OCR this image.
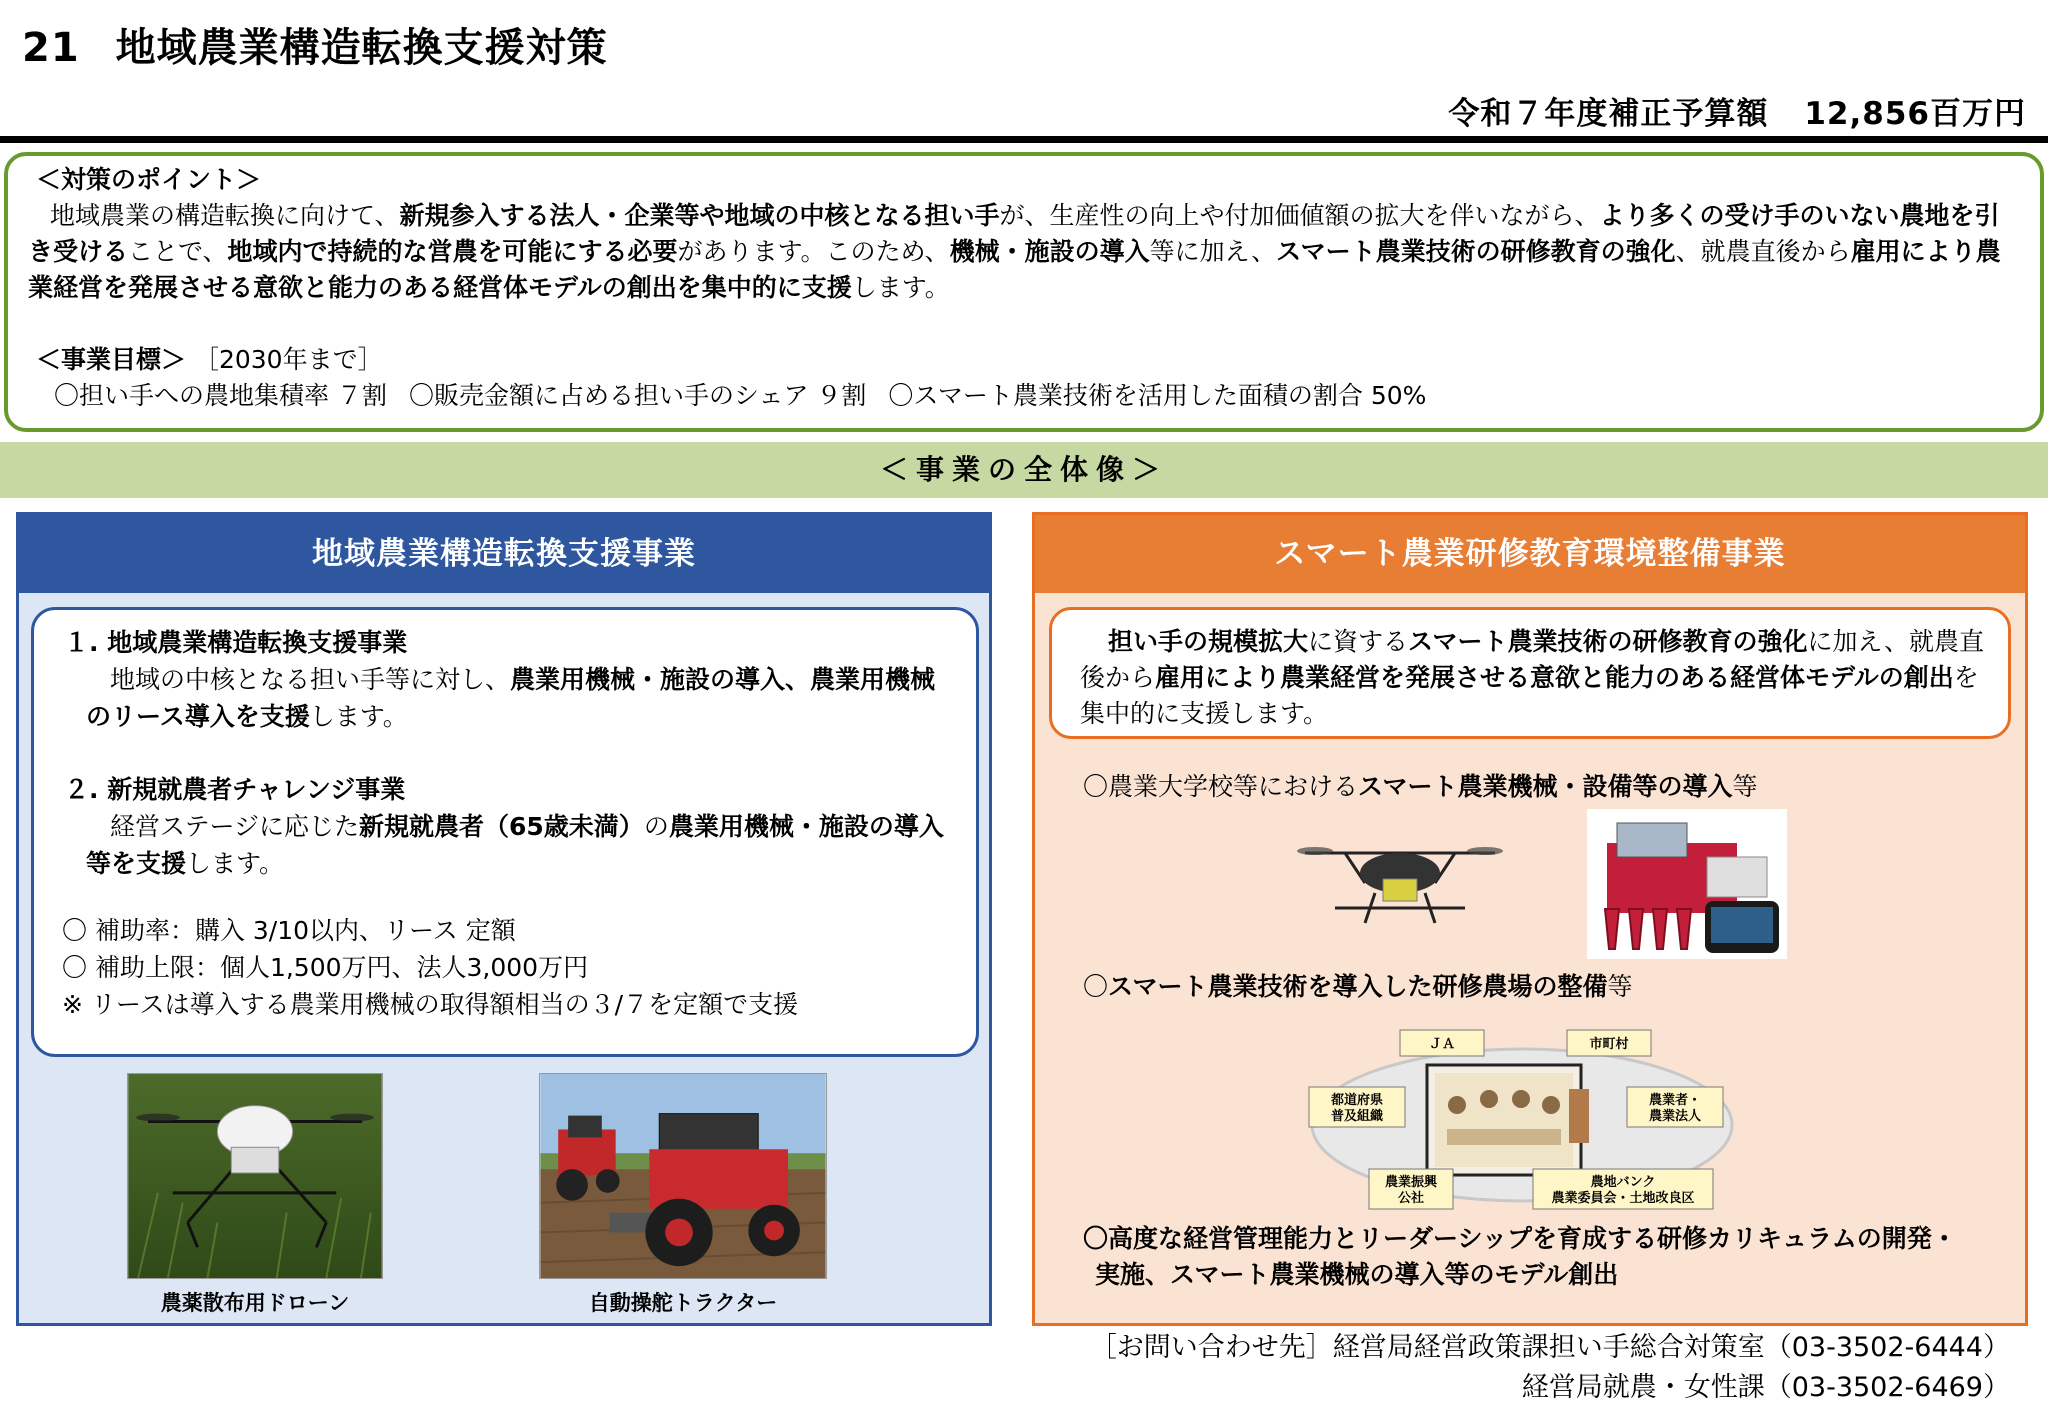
21 地域農業構造転換支援対策
令和７年度補正予算額 12,856百万円
＜対策のポイント＞
地域農業の構造転換に向けて、新規参入する法人・企業等や地域の中核となる担い手が、生産性の向上や付加価値額の拡大を伴いながら、より多くの受け手のいない農地を引き受けることで、地域内で持続的な営農を可能にする必要があります。このため、機械・施設の導入等に加え、スマート農業技術の研修教育の強化、就農直後から雇用により農業経営を発展させる意欲と能力のある経営体モデルの創出を集中的に支援します。
＜事業目標＞ ［2030年まで］
〇担い手への農地集積率 ７割 〇販売金額に占める担い手のシェア ９割 〇スマート農業技術を活用した面積の割合 50%
＜事業の全体像＞
地域農業構造転換支援事業
１. 地域農業構造転換支援事業
地域の中核となる担い手等に対し、農業用機械・施設の導入、農業用機械のリース導入を支援します。
２. 新規就農者チャレンジ事業
経営ステージに応じた新規就農者（65歳未満）の農業用機械・施設の導入等を支援します。
〇 補助率：購入 3/10以内、リース 定額
〇 補助上限：個人1,500万円、法人3,000万円
※ リースは導入する農業用機械の取得額相当の３/７を定額で支援
農薬散布用ドローン	自動操舵トラクター
スマート農業研修教育環境整備事業
担い手の規模拡大に資するスマート農業技術の研修教育の強化に加え、就農直後から雇用により農業経営を発展させる意欲と能力のある経営体モデルの創出を集中的に支援します。
〇農業大学校等におけるスマート農業機械・設備等の導入等
〇スマート農業技術を導入した研修農場の整備等
ＪＡ	市町村
都道府県
普及組織
農業者・
農業法人
農業振興
公社
農地バンク
農業委員会・土地改良区
〇高度な経営管理能力とリーダーシップを育成する研修カリキュラムの開発・
実施、スマート農業機械の導入等のモデル創出
［お問い合わせ先］経営局経営政策課担い手総合対策室（03-3502-6444）
経営局就農・女性課（03-3502-6469）
